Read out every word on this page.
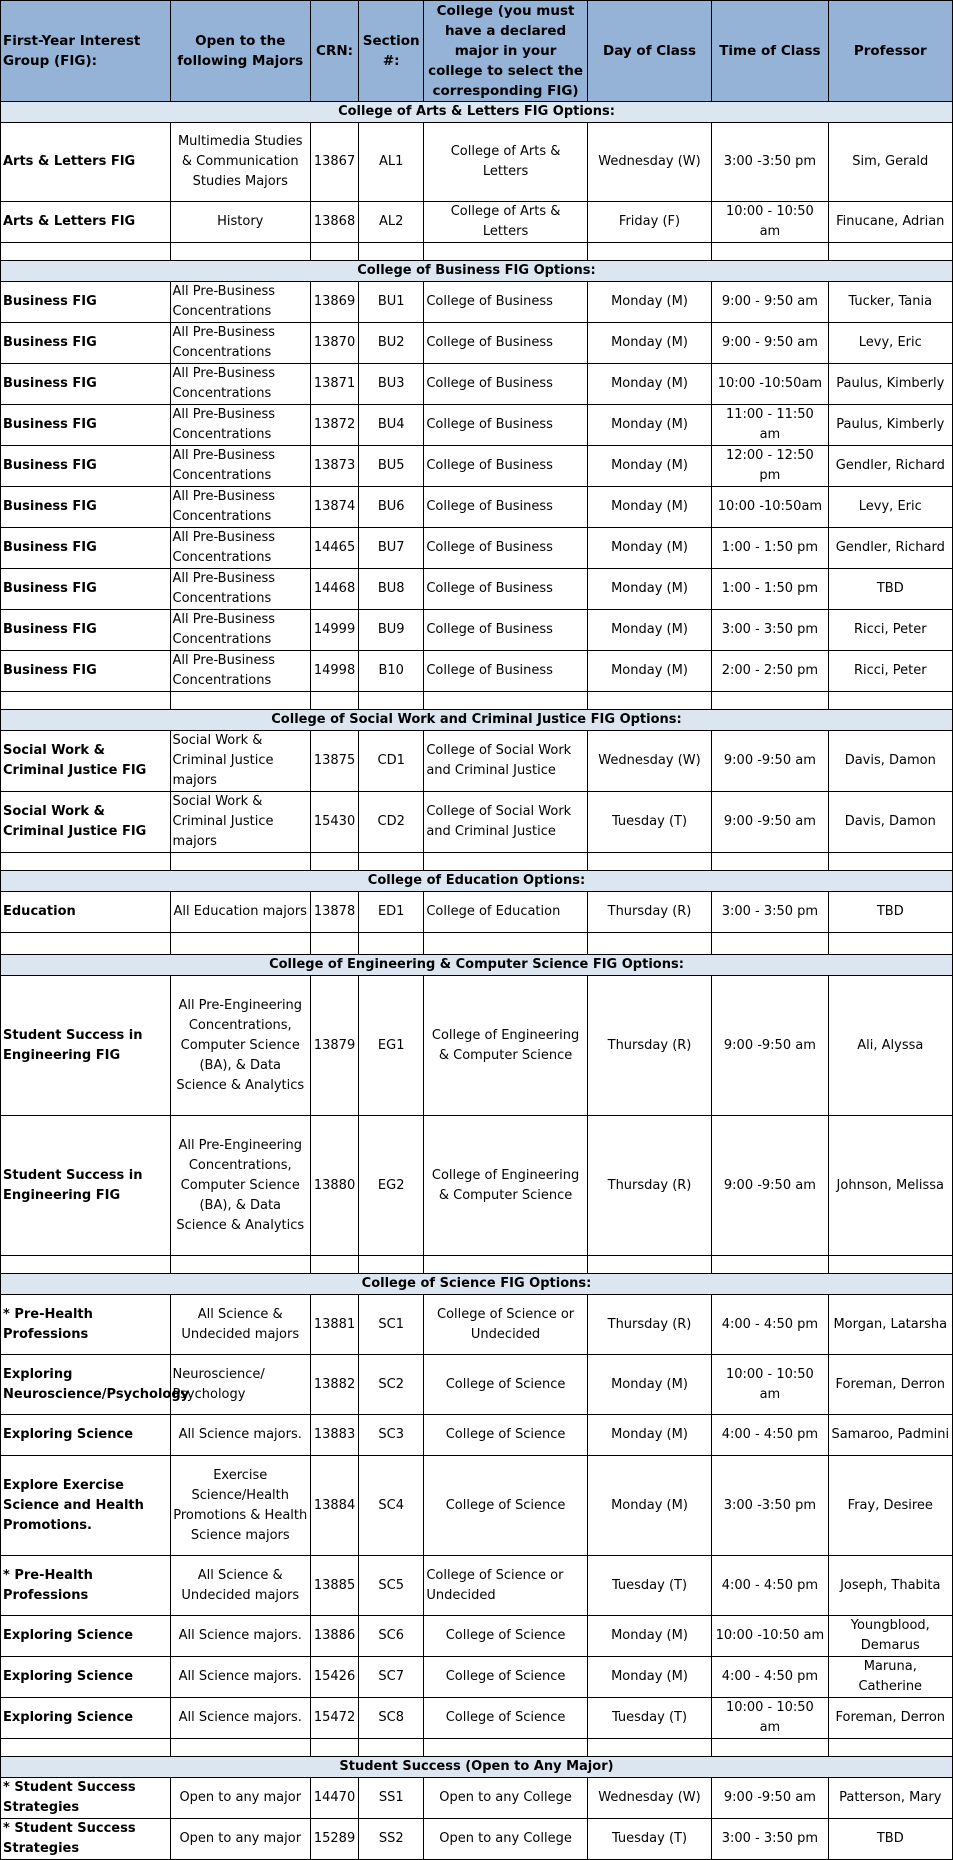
First-Year Interest Group (FIG):	Open to the following Majors	CRN:	Section #:	College (you must have a declared major in your college to select the corresponding FIG)	Day of Class	Time of Class	Professor
College of Arts & Letters FIG Options:							
Arts & Letters FIG	Multimedia Studies & Communication Studies Majors	13867	AL1	College of Arts & Letters	Wednesday (W)	3:00 -3:50 pm	Sim, Gerald
Arts & Letters FIG	History	13868	AL2	College of Arts & Letters	Friday (F)	10:00 - 10:50 am	Finucane, Adrian

College of Business FIG Options:							
Business FIG	All Pre-Business Concentrations	13869	BU1	College of Business	Monday (M)	9:00 - 9:50 am	Tucker, Tania
Business FIG	All Pre-Business Concentrations	13870	BU2	College of Business	Monday (M)	9:00 - 9:50 am	Levy, Eric
Business FIG	All Pre-Business Concentrations	13871	BU3	College of Business	Monday (M)	10:00 -10:50am	Paulus, Kimberly
Business FIG	All Pre-Business Concentrations	13872	BU4	College of Business	Monday (M)	11:00 - 11:50 am	Paulus, Kimberly
Business FIG	All Pre-Business Concentrations	13873	BU5	College of Business	Monday (M)	12:00 - 12:50 pm	Gendler, Richard
Business FIG	All Pre-Business Concentrations	13874	BU6	College of Business	Monday (M)	10:00 -10:50am	Levy, Eric
Business FIG	All Pre-Business Concentrations	14465	BU7	College of Business	Monday (M)	1:00 - 1:50 pm	Gendler, Richard
Business FIG	All Pre-Business Concentrations	14468	BU8	College of Business	Monday (M)	1:00 - 1:50 pm	TBD
Business FIG	All Pre-Business Concentrations	14999	BU9	College of Business	Monday (M)	3:00 - 3:50 pm	Ricci, Peter
Business FIG	All Pre-Business Concentrations	14998	B10	College of Business	Monday (M)	2:00 - 2:50 pm	Ricci, Peter

College of Social Work and Criminal Justice FIG Options:							
Social Work & Criminal Justice FIG	Social Work & Criminal Justice majors	13875	CD1	College of Social Work and Criminal Justice	Wednesday (W)	9:00 -9:50 am	Davis, Damon
Social Work & Criminal Justice FIG	Social Work & Criminal Justice majors	15430	CD2	College of Social Work and Criminal Justice	Tuesday (T)	9:00 -9:50 am	Davis, Damon

College of Education Options:							
Education	All Education majors	13878	ED1	College of Education	Thursday (R)	3:00 - 3:50 pm	TBD

College of Engineering & Computer Science FIG Options:							
Student Success in Engineering FIG	All Pre-Engineering Concentrations, Computer Science (BA), & Data Science & Analytics	13879	EG1	College of Engineering & Computer Science	Thursday (R)	9:00 -9:50 am	Ali, Alyssa
Student Success in Engineering FIG	All Pre-Engineering Concentrations, Computer Science (BA), & Data Science & Analytics	13880	EG2	College of Engineering & Computer Science	Thursday (R)	9:00 -9:50 am	Johnson, Melissa

College of Science FIG Options:							
* Pre-Health Professions	All Science & Undecided majors	13881	SC1	College of Science or Undecided	Thursday (R)	4:00 - 4:50 pm	Morgan, Latarsha
Exploring Neuroscience/Psychology	Neuroscience/ Psychology	13882	SC2	College of Science	Monday (M)	10:00 - 10:50 am	Foreman, Derron
Exploring Science	All Science majors.	13883	SC3	College of Science	Monday (M)	4:00 - 4:50 pm	Samaroo, Padmini
Explore Exercise Science and Health Promotions.	Exercise Science/Health Promotions & Health Science majors	13884	SC4	College of Science	Monday (M)	3:00 -3:50 pm	Fray, Desiree
* Pre-Health Professions	All Science & Undecided majors	13885	SC5	College of Science or Undecided	Tuesday (T)	4:00 - 4:50 pm	Joseph, Thabita
Exploring Science	All Science majors.	13886	SC6	College of Science	Monday (M)	10:00 -10:50 am	Youngblood, Demarus
Exploring Science	All Science majors.	15426	SC7	College of Science	Monday (M)	4:00 - 4:50 pm	Maruna, Catherine
Exploring Science	All Science majors.	15472	SC8	College of Science	Tuesday (T)	10:00 - 10:50 am	Foreman, Derron

Student Success (Open to Any Major)							
* Student Success Strategies	Open to any major	14470	SS1	Open to any College	Wednesday (W)	9:00 -9:50 am	Patterson, Mary
* Student Success Strategies	Open to any major	15289	SS2	Open to any College	Tuesday (T)	3:00 - 3:50 pm	TBD
